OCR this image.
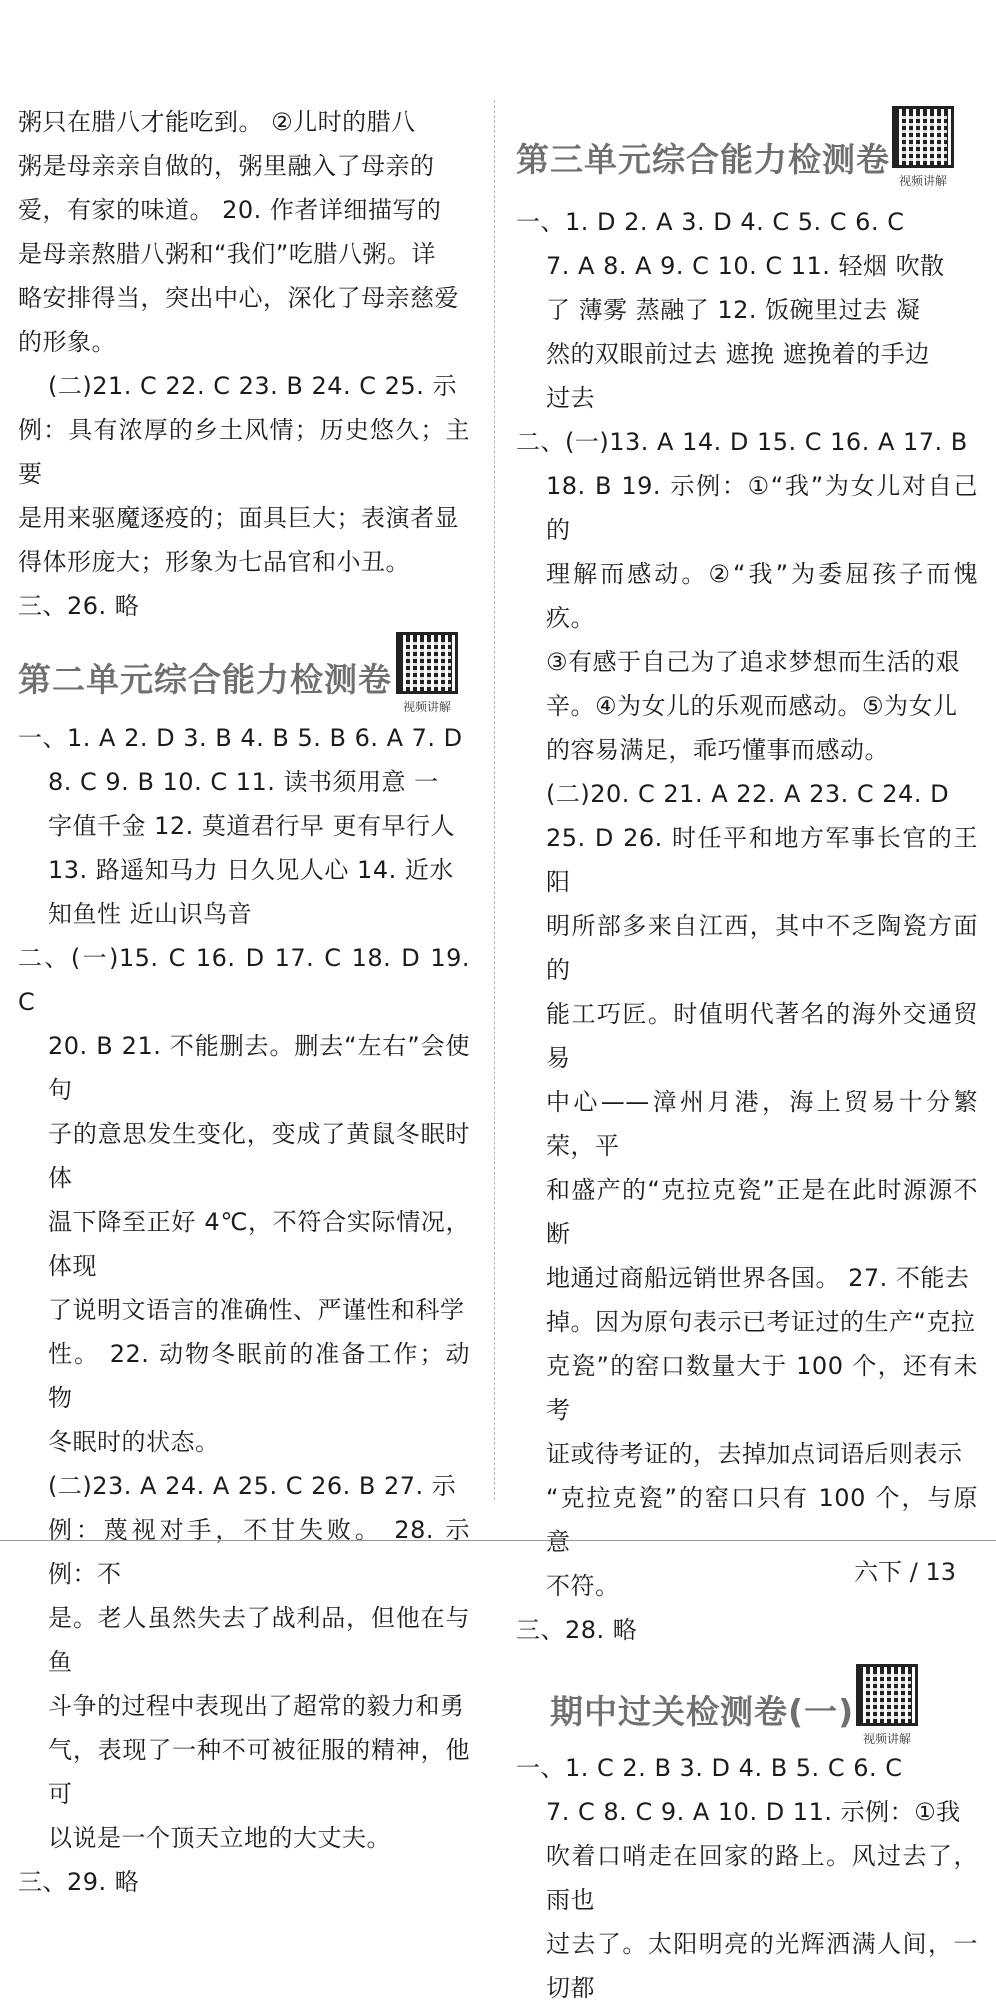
粥只在腊八才能吃到。 ②儿时的腊八

粥是母亲亲自做的，粥里融入了母亲的

爱，有家的味道。 20. 作者详细描写的

是母亲熬腊八粥和“我们”吃腊八粥。详

略安排得当，突出中心，深化了母亲慈爱

的形象。

(二)21. C 22. C 23. B 24. C 25. 示

例：具有浓厚的乡土风情；历史悠久；主要

是用来驱魔逐疫的；面具巨大；表演者显

得体形庞大；形象为七品官和小丑。

三、26. 略

第二单元综合能力检测卷
视频讲解

一、1. A 2. D 3. B 4. B 5. B 6. A 7. D

8. C 9. B 10. C 11. 读书须用意 一

字值千金 12. 莫道君行早 更有早行人

13. 路遥知马力 日久见人心 14. 近水

知鱼性 近山识鸟音

二、(一)15. C 16. D 17. C 18. D 19. C

20. B 21. 不能删去。删去“左右”会使句

子的意思发生变化，变成了黄鼠冬眠时体

温下降至正好 4℃，不符合实际情况，体现

了说明文语言的准确性、严谨性和科学

性。 22. 动物冬眠前的准备工作；动物

冬眠时的状态。

(二)23. A 24. A 25. C 26. B 27. 示

例：蔑视对手，不甘失败。 28. 示例：不

是。老人虽然失去了战利品，但他在与鱼

斗争的过程中表现出了超常的毅力和勇

气，表现了一种不可被征服的精神，他可

以说是一个顶天立地的大丈夫。

三、29. 略

第三单元综合能力检测卷
视频讲解

一、1. D 2. A 3. D 4. C 5. C 6. C

7. A 8. A 9. C 10. C 11. 轻烟 吹散

了 薄雾 蒸融了 12. 饭碗里过去 凝

然的双眼前过去 遮挽 遮挽着的手边

过去

二、(一)13. A 14. D 15. C 16. A 17. B

18. B 19. 示例：①“我”为女儿对自己的

理解而感动。②“我”为委屈孩子而愧疚。

③有感于自己为了追求梦想而生活的艰

辛。④为女儿的乐观而感动。⑤为女儿

的容易满足，乖巧懂事而感动。

(二)20. C 21. A 22. A 23. C 24. D

25. D 26. 时任平和地方军事长官的王阳

明所部多来自江西，其中不乏陶瓷方面的

能工巧匠。时值明代著名的海外交通贸易

中心——漳州月港，海上贸易十分繁荣，平

和盛产的“克拉克瓷”正是在此时源源不断

地通过商船远销世界各国。 27. 不能去

掉。因为原句表示已考证过的生产“克拉

克瓷”的窑口数量大于 100 个，还有未考

证或待考证的，去掉加点词语后则表示

“克拉克瓷”的窑口只有 100 个，与原意

不符。

三、28. 略

期中过关检测卷(一)
视频讲解

一、1. C 2. B 3. D 4. B 5. C 6. C

7. C 8. C 9. A 10. D 11. 示例：①我

吹着口哨走在回家的路上。风过去了，雨也

过去了。太阳明亮的光辉洒满人间，一切都

六下 / 13
